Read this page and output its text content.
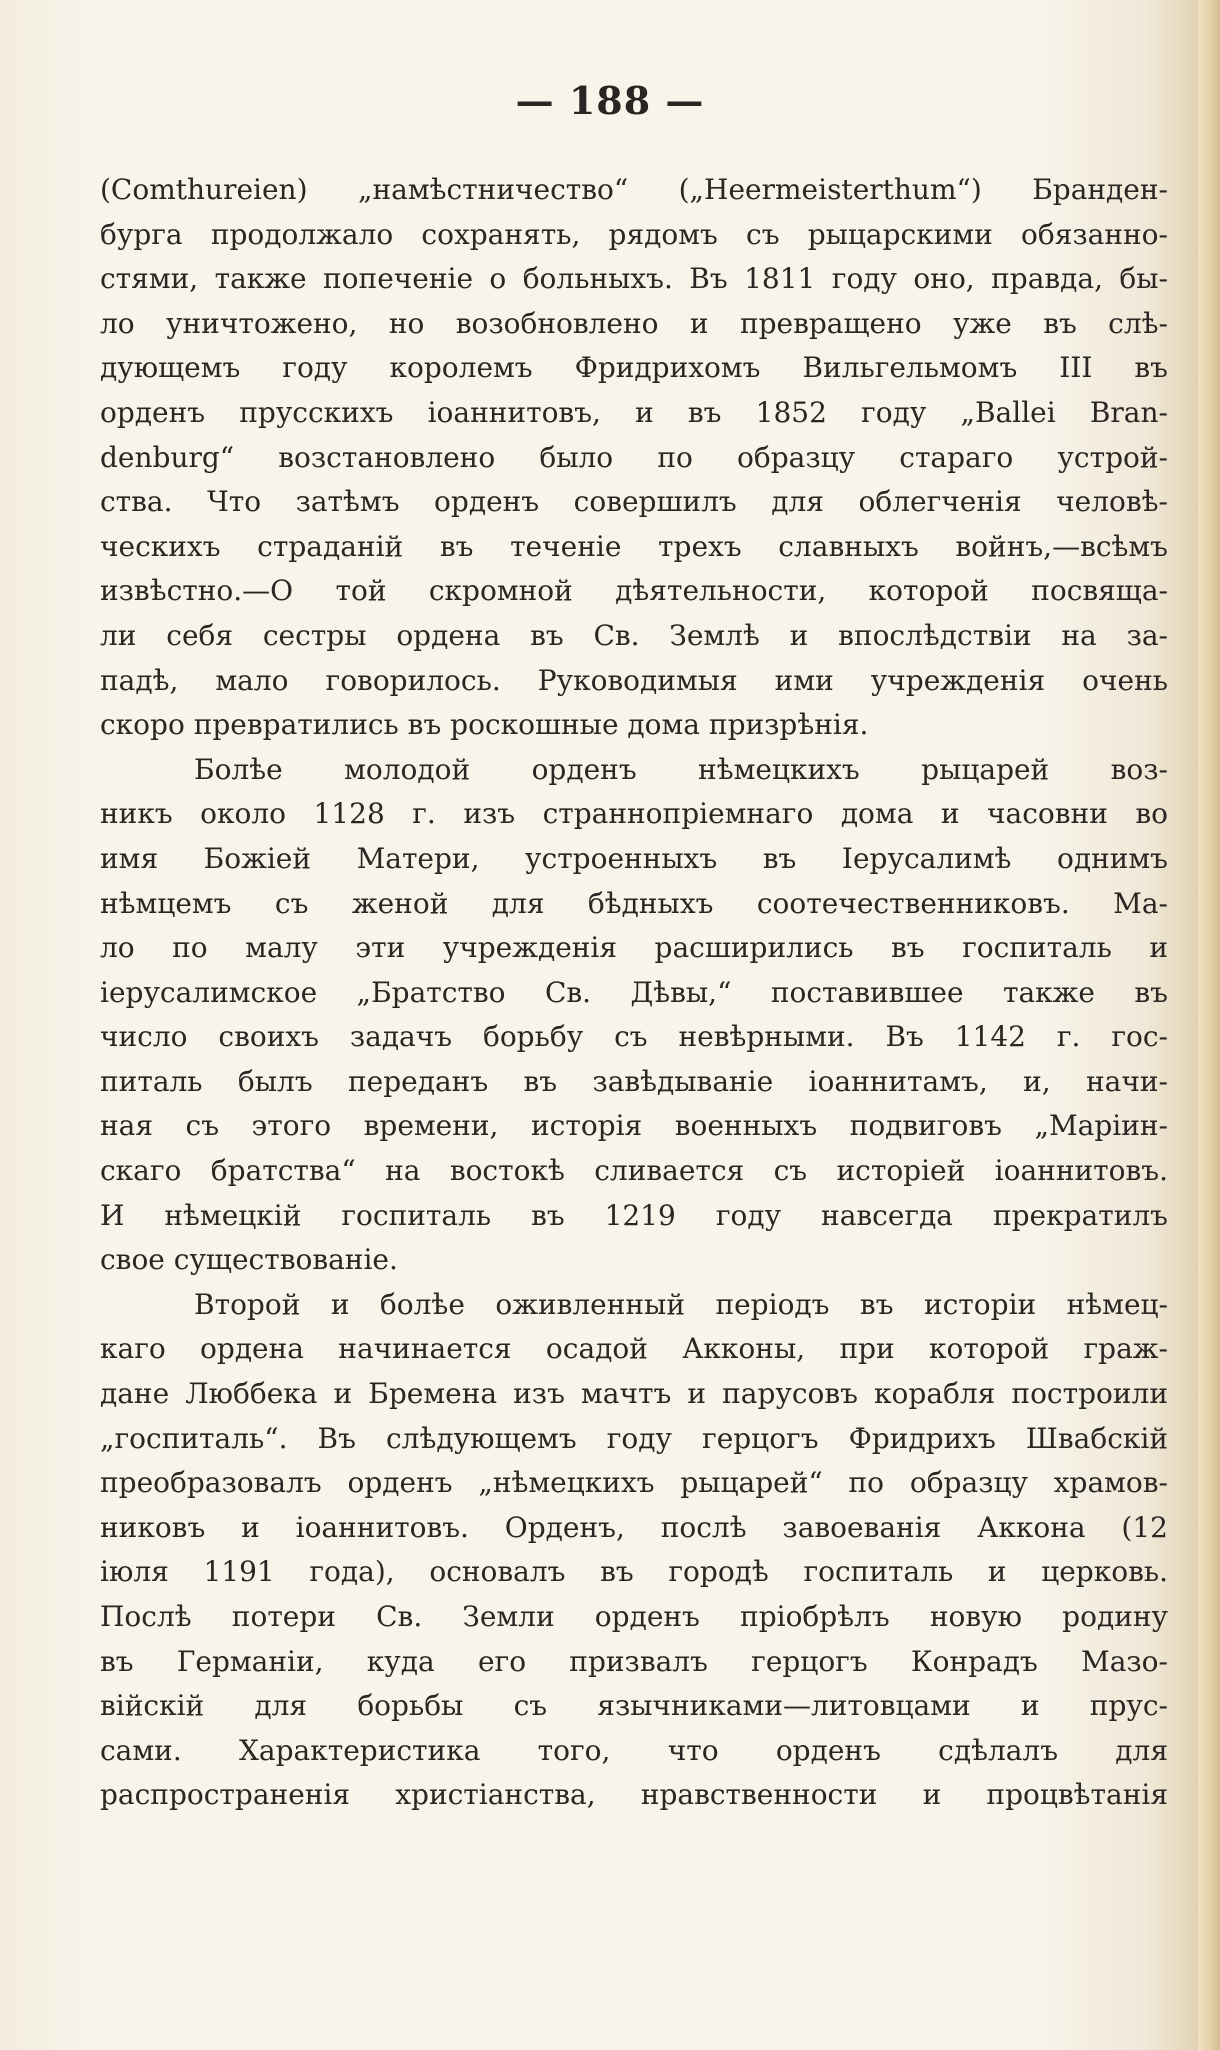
— 188 —
(Comthureien) „намѣстничество“ („Heermeisterthum“) Бранден-
бурга продолжало сохранять, рядомъ съ рыцарскими обязанно-
стями, также попеченіе о больныхъ. Въ 1811 году оно, правда, бы-
ло уничтожено, но возобновлено и превращено уже въ слѣ-
дующемъ году королемъ Фридрихомъ Вильгельмомъ III въ
орденъ прусскихъ іоаннитовъ, и въ 1852 году „Ballei Bran-
denburg“ возстановлено было по образцу стараго устрой-
ства. Что затѣмъ орденъ совершилъ для облегченія человѣ-
ческихъ страданій въ теченіе трехъ славныхъ войнъ,—всѣмъ
извѣстно.—О той скромной дѣятельности, которой посвяща-
ли себя сестры ордена въ Св. Землѣ и впослѣдствіи на за-
падѣ, мало говорилось. Руководимыя ими учрежденія очень
скоро превратились въ роскошные дома призрѣнія.
Болѣе молодой орденъ нѣмецкихъ рыцарей воз-
никъ около 1128 г. изъ страннопріемнаго дома и часовни во
имя Божіей Матери, устроенныхъ въ Іерусалимѣ однимъ
нѣмцемъ съ женой для бѣдныхъ соотечественниковъ. Ма-
ло по малу эти учрежденія расширились въ госпиталь и
іерусалимское „Братство Св. Дѣвы,“ поставившее также въ
число своихъ задачъ борьбу съ невѣрными. Въ 1142 г. гос-
питаль былъ переданъ въ завѣдываніе іоаннитамъ, и, начи-
ная съ этого времени, исторія военныхъ подвиговъ „Маріин-
скаго братства“ на востокѣ сливается съ исторіей іоаннитовъ.
И нѣмецкій госпиталь въ 1219 году навсегда прекратилъ
свое существованіе.
Второй и болѣе оживленный періодъ въ исторіи нѣмец-
каго ордена начинается осадой Акконы, при которой граж-
дане Люббека и Бремена изъ мачтъ и парусовъ корабля построили
„госпиталь“. Въ слѣдующемъ году герцогъ Фридрихъ Швабскій
преобразовалъ орденъ „нѣмецкихъ рыцарей“ по образцу храмов-
никовъ и іоаннитовъ. Орденъ, послѣ завоеванія Аккона (12
іюля 1191 года), основалъ въ городѣ госпиталь и церковь.
Послѣ потери Св. Земли орденъ пріобрѣлъ новую родину
въ Германіи, куда его призвалъ герцогъ Конрадъ Мазо-
вiйскій для борьбы съ язычниками—литовцами и прус-
сами. Характеристика того, что орденъ сдѣлалъ для
распространенія христіанства, нравственности и процвѣтанія
